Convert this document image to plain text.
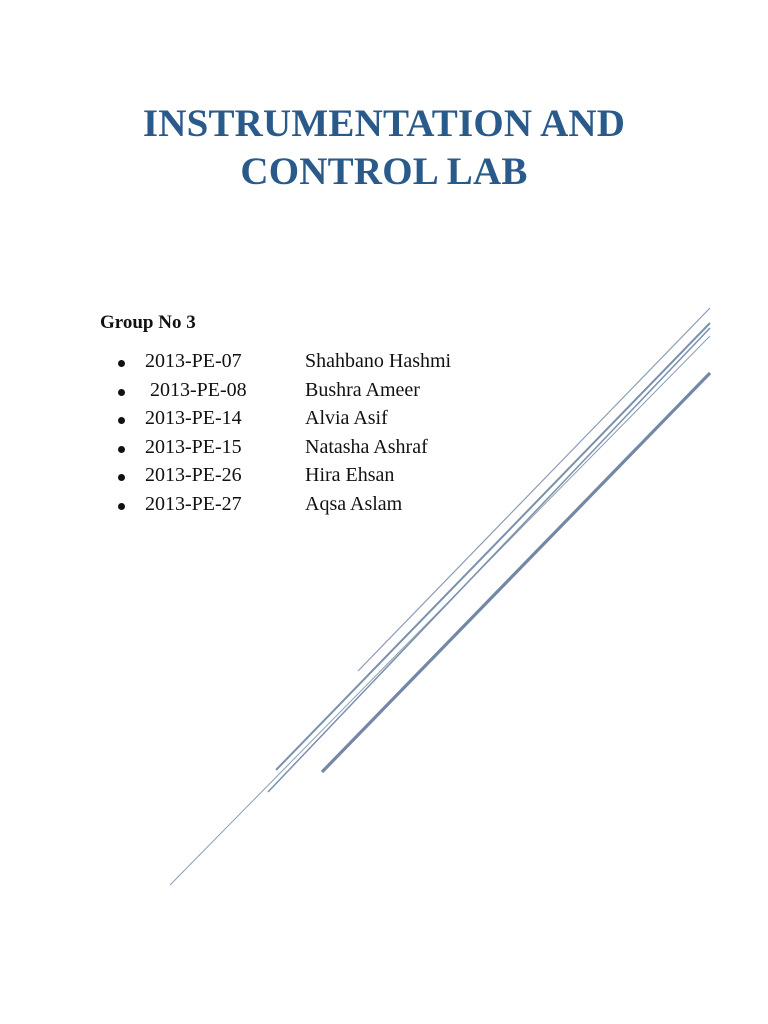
INSTRUMENTATION AND
CONTROL LAB
Group No 3
2013-PE-07	Shahbano Hashmi
2013-PE-08	Bushra Ameer
2013-PE-14	Alvia Asif
2013-PE-15	Natasha Ashraf
2013-PE-26	Hira Ehsan
2013-PE-27	Aqsa Aslam
